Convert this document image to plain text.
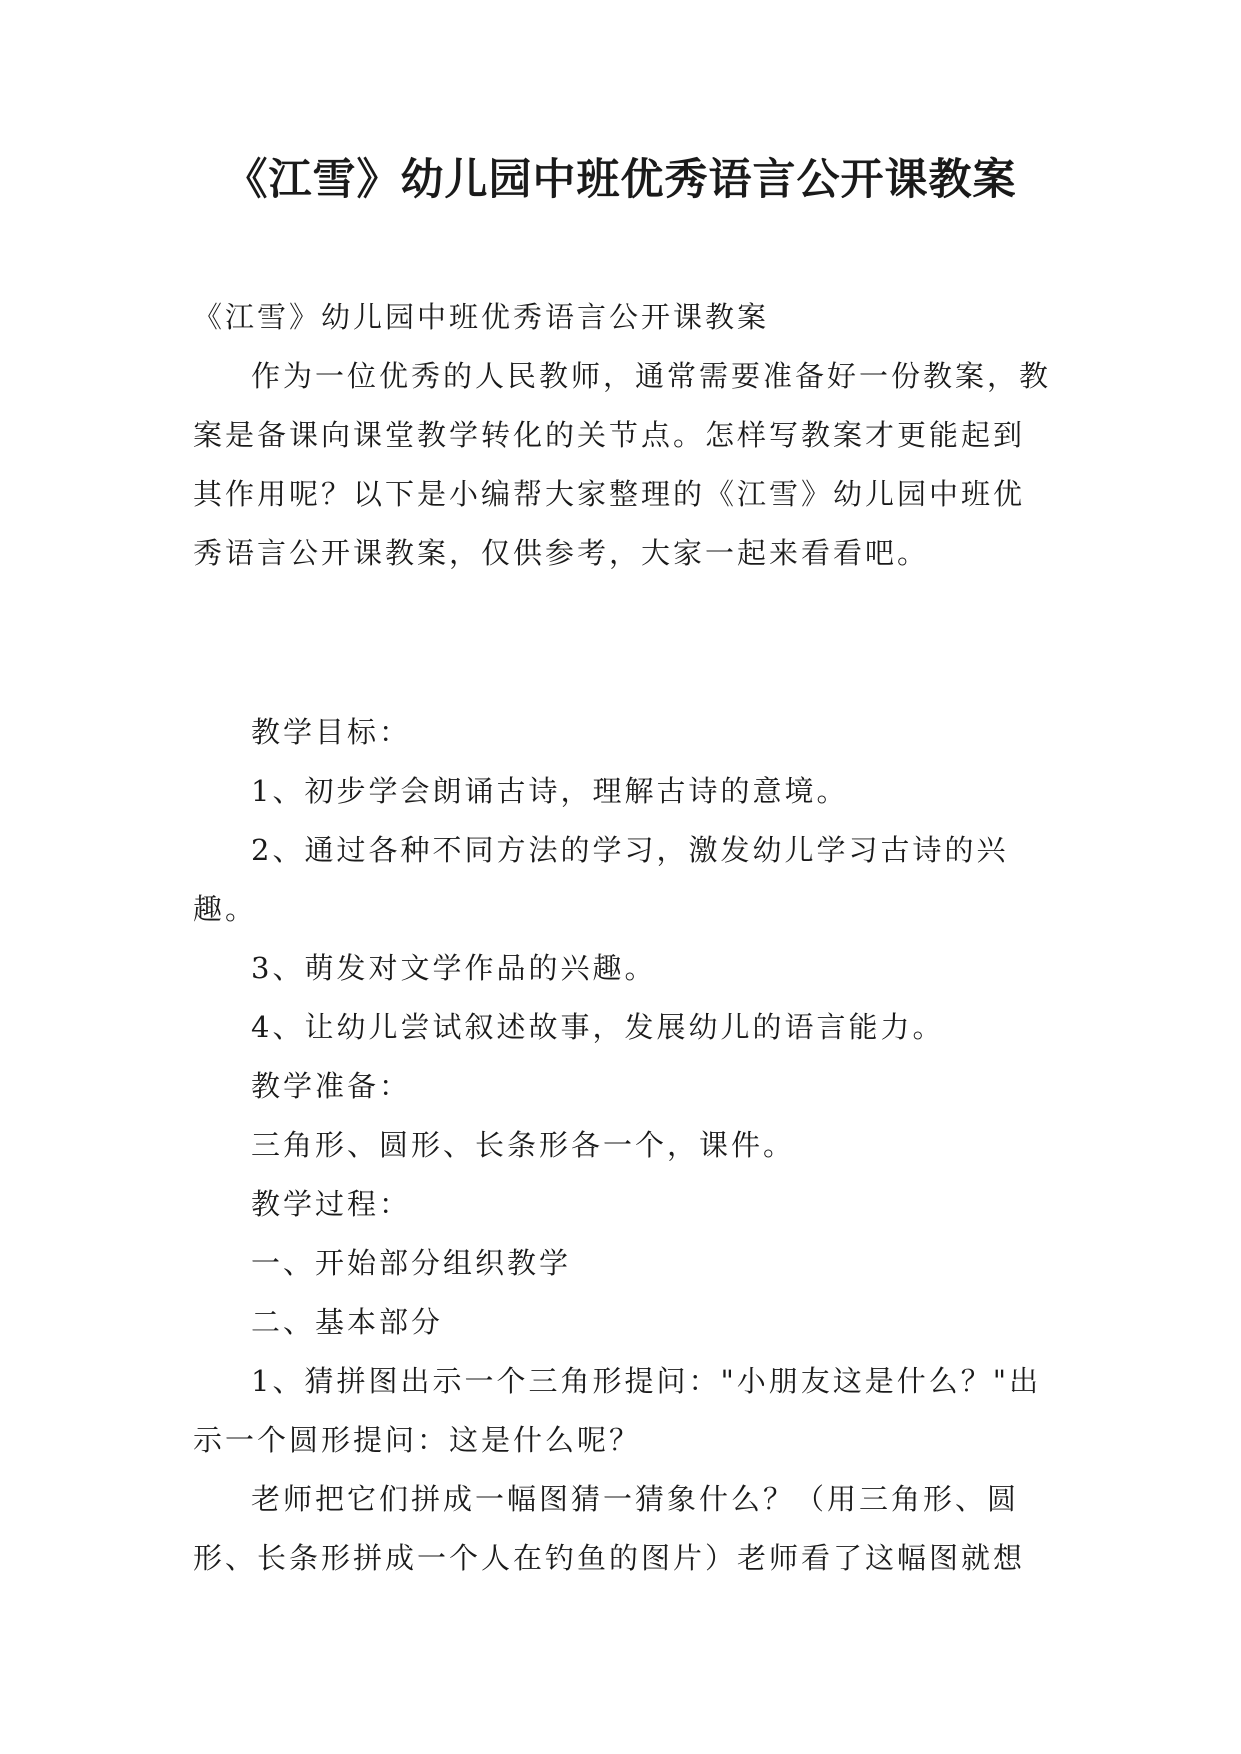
《江雪》幼儿园中班优秀语言公开课教案

《江雪》幼儿园中班优秀语言公开课教案

作为一位优秀的人民教师，通常需要准备好一份教案，教案是备课向课堂教学转化的关节点。怎样写教案才更能起到其作用呢？以下是小编帮大家整理的《江雪》幼儿园中班优秀语言公开课教案，仅供参考，大家一起来看看吧。

教学目标：

1、初步学会朗诵古诗，理解古诗的意境。

2、通过各种不同方法的学习，激发幼儿学习古诗的兴趣。

3、萌发对文学作品的兴趣。

4、让幼儿尝试叙述故事，发展幼儿的语言能力。

教学准备：

三角形、圆形、长条形各一个，课件。

教学过程：

一、开始部分组织教学

二、基本部分

1、猜拼图出示一个三角形提问："小朋友这是什么？"出示一个圆形提问：这是什么呢？

老师把它们拼成一幅图猜一猜象什么？（用三角形、圆形、长条形拼成一个人在钓鱼的图片）老师看了这幅图就想
